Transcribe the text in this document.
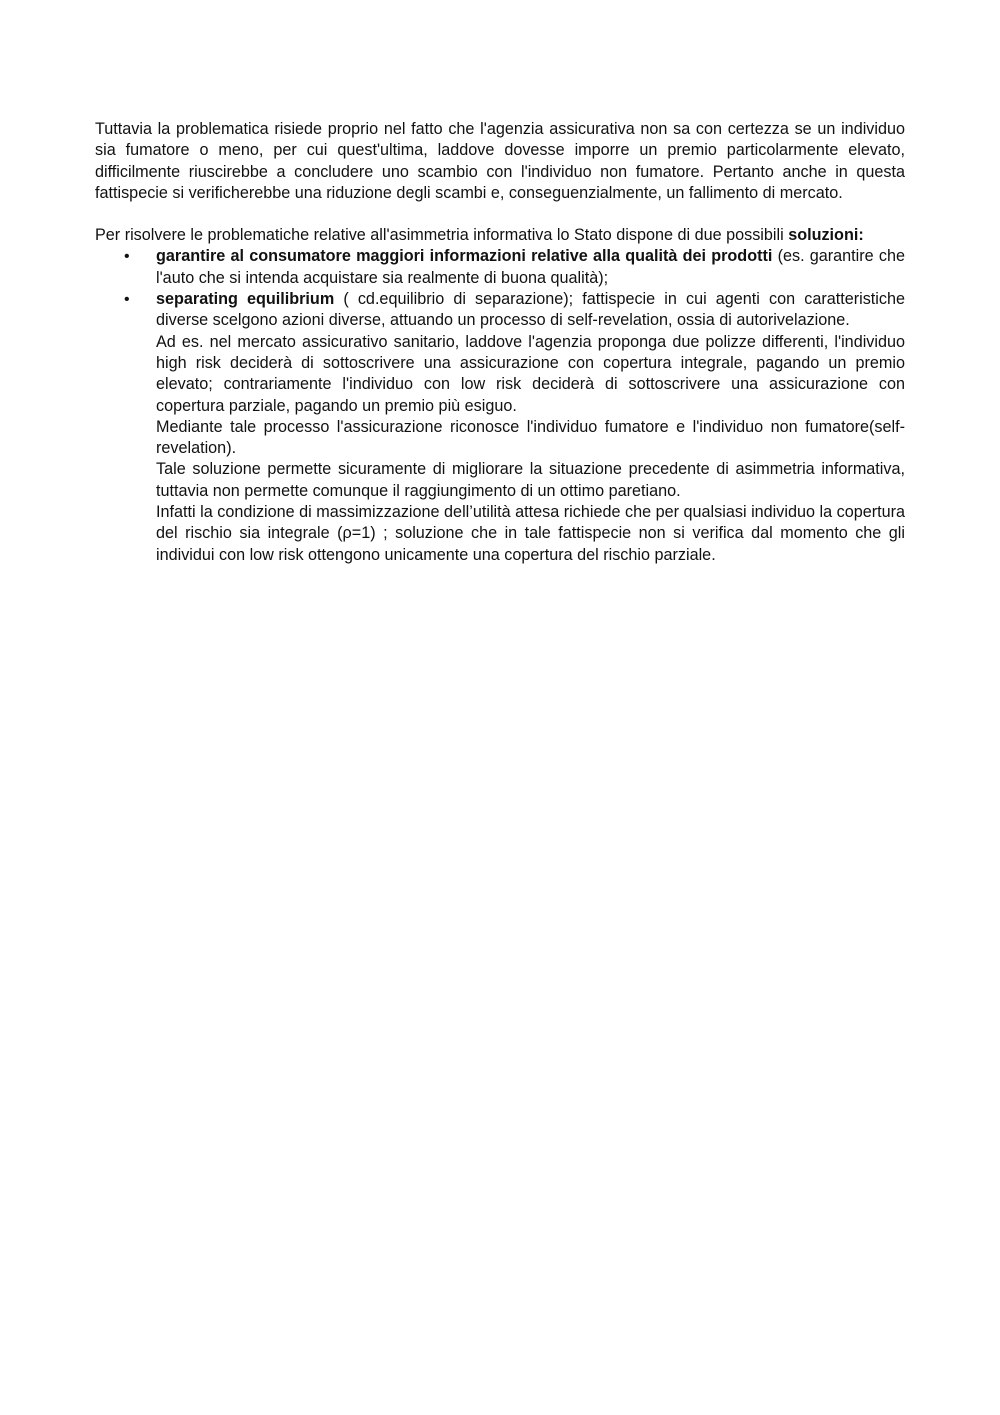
Tuttavia la problematica risiede proprio nel fatto che l'agenzia assicurativa non sa con certezza se un individuo sia fumatore o meno, per cui quest'ultima, laddove dovesse imporre un premio particolarmente elevato, difficilmente riuscirebbe a concludere uno scambio con l'individuo non fumatore. Pertanto anche in questa fattispecie si verificherebbe una riduzione degli scambi e, conseguenzialmente, un fallimento di mercato.

Per risolvere le problematiche relative all'asimmetria informativa lo Stato dispone di due possibili soluzioni:

• garantire al consumatore maggiori informazioni relative alla qualità dei prodotti (es. garantire che l'auto che si intenda acquistare sia realmente di buona qualità);
• separating equilibrium ( cd.equilibrio di separazione); fattispecie in cui agenti con caratteristiche diverse scelgono azioni diverse, attuando un processo di self-revelation, ossia di autorivelazione.
Ad es. nel mercato assicurativo sanitario, laddove l'agenzia proponga due polizze differenti, l'individuo high risk deciderà di sottoscrivere una assicurazione con copertura integrale, pagando un premio elevato; contrariamente l'individuo con low risk deciderà di sottoscrivere una assicurazione con copertura parziale, pagando un premio più esiguo.
Mediante tale processo l'assicurazione riconosce l'individuo fumatore e l'individuo non fumatore(self-revelation).
Tale soluzione permette sicuramente di migliorare la situazione precedente di asimmetria informativa, tuttavia non permette comunque il raggiungimento di un ottimo paretiano.
Infatti la condizione di massimizzazione dell’utilità attesa richiede che per qualsiasi individuo la copertura del rischio sia integrale (ρ=1) ; soluzione che in tale fattispecie non si verifica dal momento che gli individui con low risk ottengono unicamente una copertura del rischio parziale.
